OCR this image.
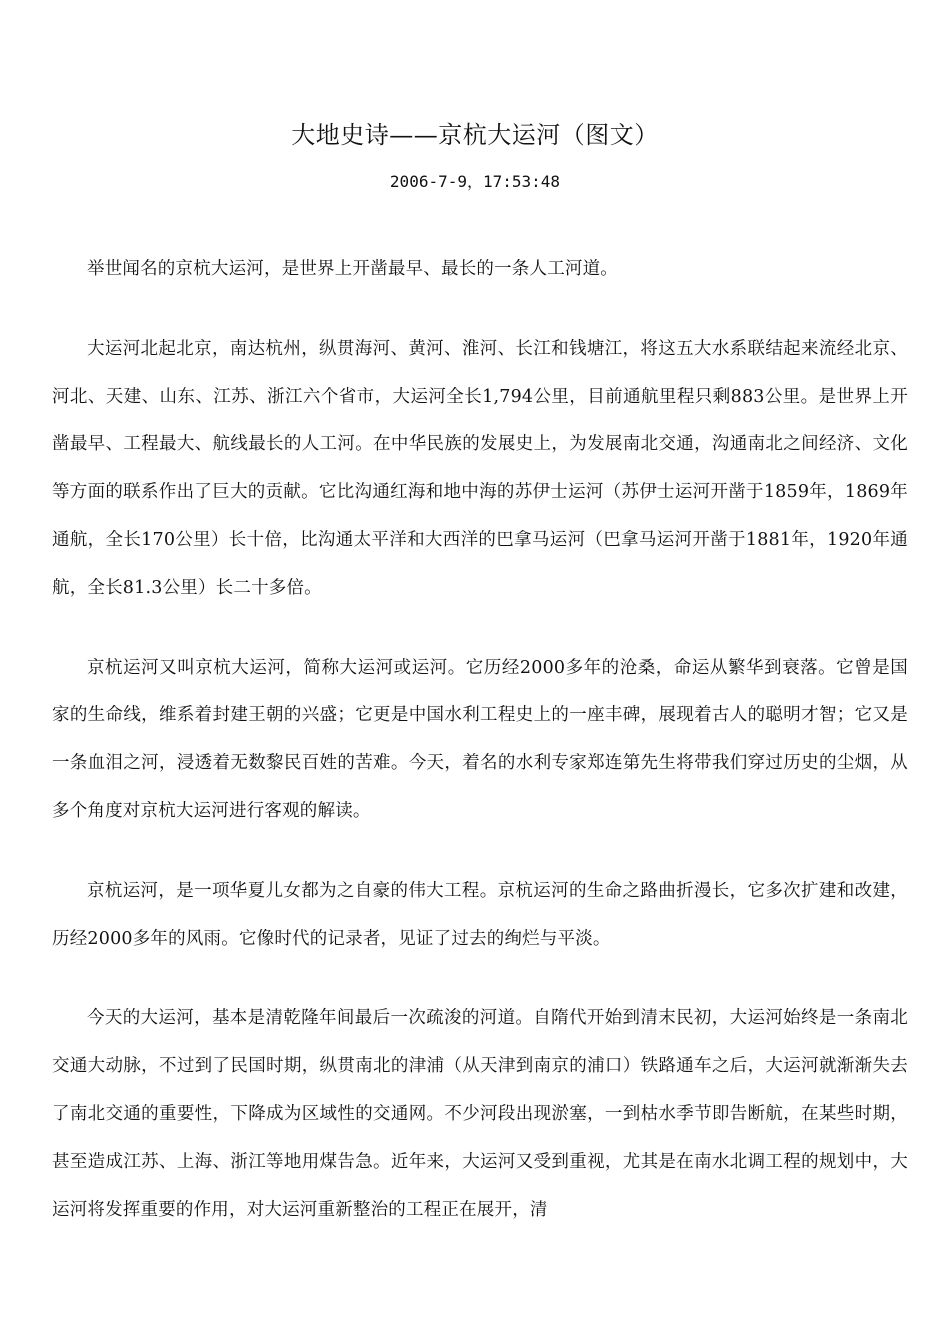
大地史诗——京杭大运河（图文）
2006-7-9，17:53:48

举世闻名的京杭大运河，是世界上开凿最早、最长的一条人工河道。

大运河北起北京，南达杭州，纵贯海河、黄河、淮河、长江和钱塘江，将这五大水系联结起来流经北京、河北、天建、山东、江苏、浙江六个省市，大运河全长1,794公里，目前通航里程只剩883公里。是世界上开凿最早、工程最大、航线最长的人工河。在中华民族的发展史上，为发展南北交通，沟通南北之间经济、文化等方面的联系作出了巨大的贡献。它比沟通红海和地中海的苏伊士运河（苏伊士运河开凿于1859年，1869年通航，全长170公里）长十倍，比沟通太平洋和大西洋的巴拿马运河（巴拿马运河开凿于1881年，1920年通航，全长81.3公里）长二十多倍。

京杭运河又叫京杭大运河，简称大运河或运河。它历经2000多年的沧桑，命运从繁华到衰落。它曾是国家的生命线，维系着封建王朝的兴盛；它更是中国水利工程史上的一座丰碑，展现着古人的聪明才智；它又是一条血泪之河，浸透着无数黎民百姓的苦难。今天，着名的水利专家郑连第先生将带我们穿过历史的尘烟，从多个角度对京杭大运河进行客观的解读。

京杭运河，是一项华夏儿女都为之自豪的伟大工程。京杭运河的生命之路曲折漫长，它多次扩建和改建，历经2000多年的风雨。它像时代的记录者，见证了过去的绚烂与平淡。

今天的大运河，基本是清乾隆年间最后一次疏浚的河道。自隋代开始到清末民初，大运河始终是一条南北交通大动脉，不过到了民国时期，纵贯南北的津浦（从天津到南京的浦口）铁路通车之后，大运河就渐渐失去了南北交通的重要性，下降成为区域性的交通网。不少河段出现淤塞，一到枯水季节即告断航，在某些时期，甚至造成江苏、上海、浙江等地用煤告急。近年来，大运河又受到重视，尤其是在南水北调工程的规划中，大运河将发挥重要的作用，对大运河重新整治的工程正在展开，清
